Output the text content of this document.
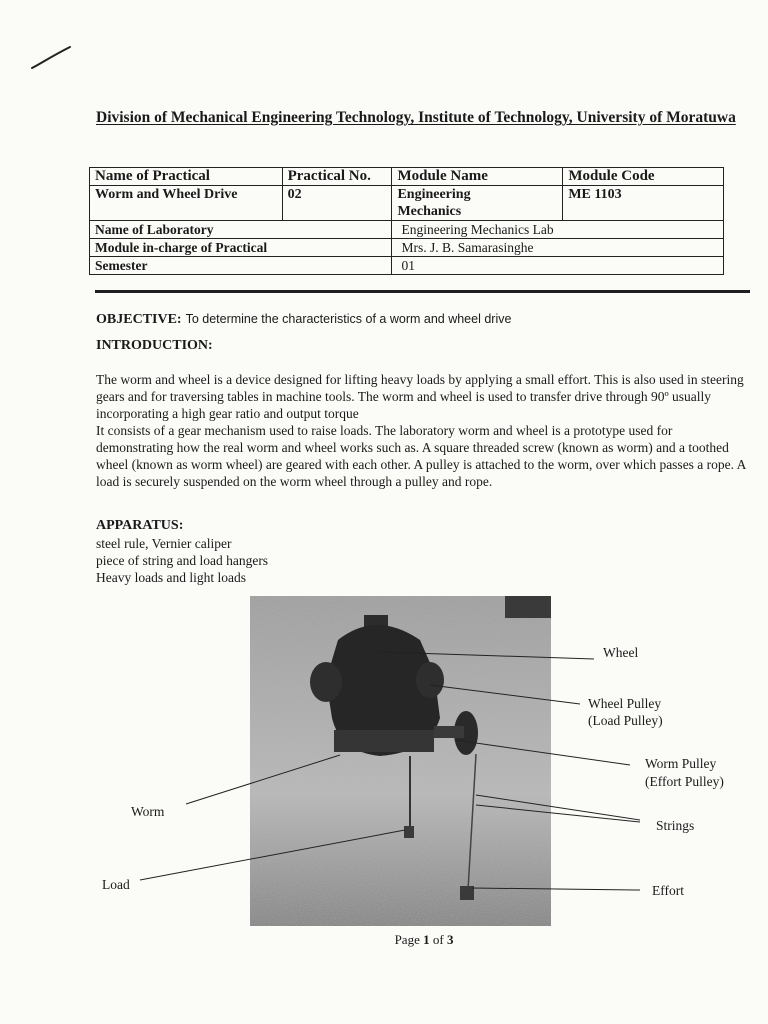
Division of Mechanical Engineering Technology, Institute of Technology, University of Moratuwa
Name of Practical	Practical No.	Module Name	Module Code
Worm and Wheel Drive	02	Engineering Mechanics	ME 1103
Name of Laboratory		Engineering Mechanics Lab	
Module in-charge of Practical		Mrs. J. B. Samarasinghe	
Semester		01	
OBJECTIVE: To determine the characteristics of a worm and wheel drive
INTRODUCTION:

The worm and wheel is a device designed for lifting heavy loads by applying a small effort. This is also used in steering gears and for traversing tables in machine tools. The worm and wheel is used to transfer drive through 90º usually incorporating a high gear ratio and output torque

It consists of a gear mechanism used to raise loads. The laboratory worm and wheel is a prototype used for demonstrating how the real worm and wheel works such as. A square threaded screw (known as worm) and a toothed wheel (known as worm wheel) are geared with each other. A pulley is attached to the worm, over which passes a rope. A load is securely suspended on the worm wheel through a pulley and rope.

APPARATUS:
steel rule, Vernier caliper
piece of string and load hangers
Heavy loads and light loads
Wheel
Wheel Pulley
(Load Pulley)
Worm Pulley
(Effort Pulley)
Worm
Strings
Load	Effort
Page 1 of 3
